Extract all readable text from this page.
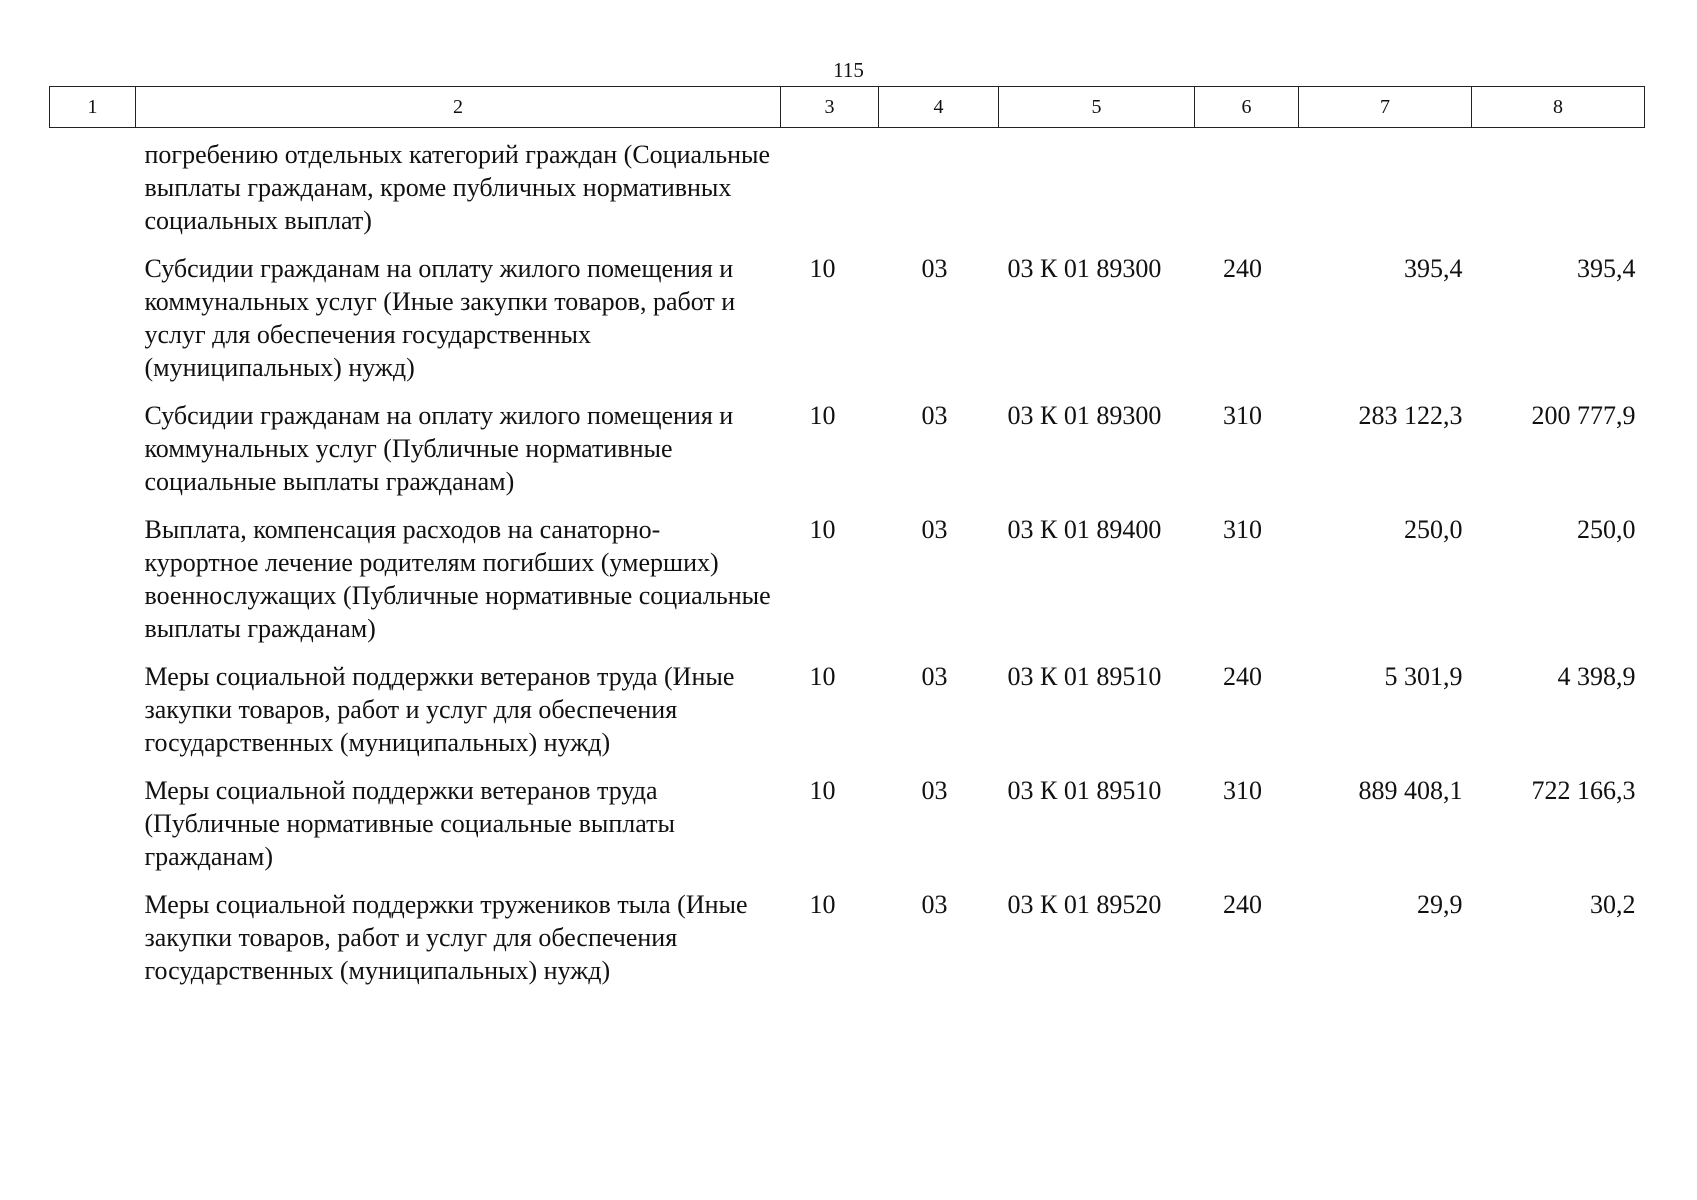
115
1	2	3	4	5	6	7	8
	погребению отдельных категорий граждан (Социальные выплаты гражданам, кроме публичных нормативных социальных выплат)						
	Субсидии гражданам на оплату жилого помещения и коммунальных услуг (Иные закупки товаров, работ и услуг для обеспечения государственных (муниципальных) нужд)	10	03	03 К 01 89300	240	395,4	395,4
	Субсидии гражданам на оплату жилого помещения и коммунальных услуг (Публичные нормативные социальные выплаты гражданам)	10	03	03 К 01 89300	310	283 122,3	200 777,9
	Выплата, компенсация расходов на санаторно-курортное лечение родителям погибших (умерших) военнослужащих (Публичные нормативные социальные выплаты гражданам)	10	03	03 К 01 89400	310	250,0	250,0
	Меры социальной поддержки ветеранов труда (Иные закупки товаров, работ и услуг для обеспечения государственных (муниципальных) нужд)	10	03	03 К 01 89510	240	5 301,9	4 398,9
	Меры социальной поддержки ветеранов труда (Публичные нормативные социальные выплаты гражданам)	10	03	03 К 01 89510	310	889 408,1	722 166,3
	Меры социальной поддержки тружеников тыла (Иные закупки товаров, работ и услуг для обеспечения государственных (муниципальных) нужд)	10	03	03 К 01 89520	240	29,9	30,2
